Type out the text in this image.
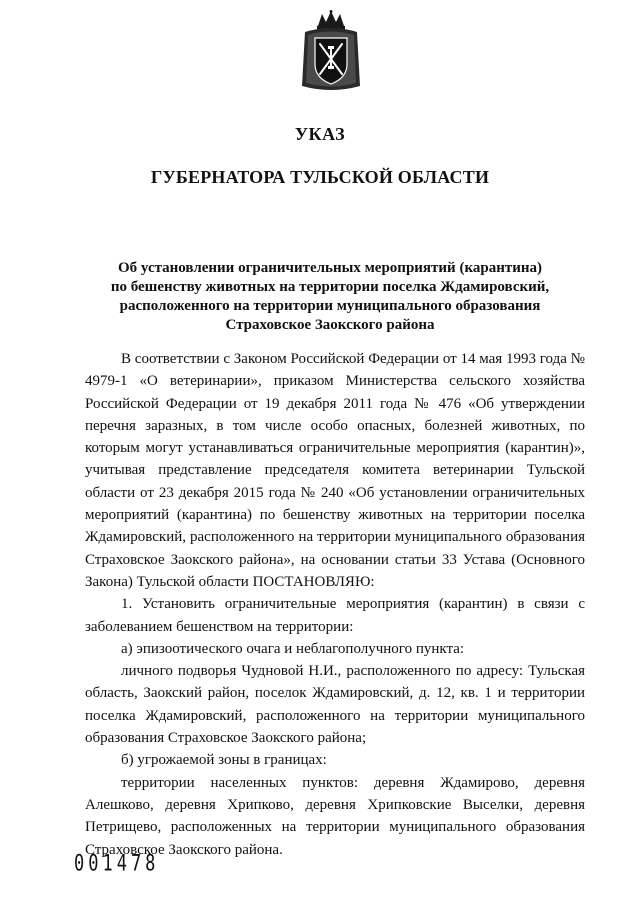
УКАЗ
ГУБЕРНАТОРА ТУЛЬСКОЙ ОБЛАСТИ
Об установлении ограничительных мероприятий (карантина)
по бешенству животных на территории поселка Ждамировский,
расположенного на территории муниципального образования
Страховское Заокского района

В соответствии с Законом Российской Федерации от 14 мая 1993 года № 4979-1 «О ветеринарии», приказом Министерства сельского хозяйства Российской Федерации от 19 декабря 2011 года № 476 «Об утверждении перечня заразных, в том числе особо опасных, болезней животных, по которым могут устанавливаться ограничительные мероприятия (карантин)», учитывая представление председателя комитета ветеринарии Тульской области от 23 декабря 2015 года № 240 «Об установлении ограничительных мероприятий (карантина) по бешенству животных на территории поселка Ждамировский, расположенного на территории муниципального образования Страховское Заокского района», на основании статьи 33 Устава (Основного Закона) Тульской области ПОСТАНОВЛЯЮ:

1. Установить ограничительные мероприятия (карантин) в связи с заболеванием бешенством на территории:

а) эпизоотического очага и неблагополучного пункта:

личного подворья Чудновой Н.И., расположенного по адресу: Тульская область, Заокский район, поселок Ждамировский, д. 12, кв. 1 и территории поселка Ждамировский, расположенного на территории муниципального образования Страховское Заокского района;

б) угрожаемой зоны в границах:

территории населенных пунктов: деревня Ждамирово, деревня Алешково, деревня Хрипково, деревня Хрипковские Выселки, деревня Петрищево, расположенных на территории муниципального образования Страховское Заокского района.

001478
